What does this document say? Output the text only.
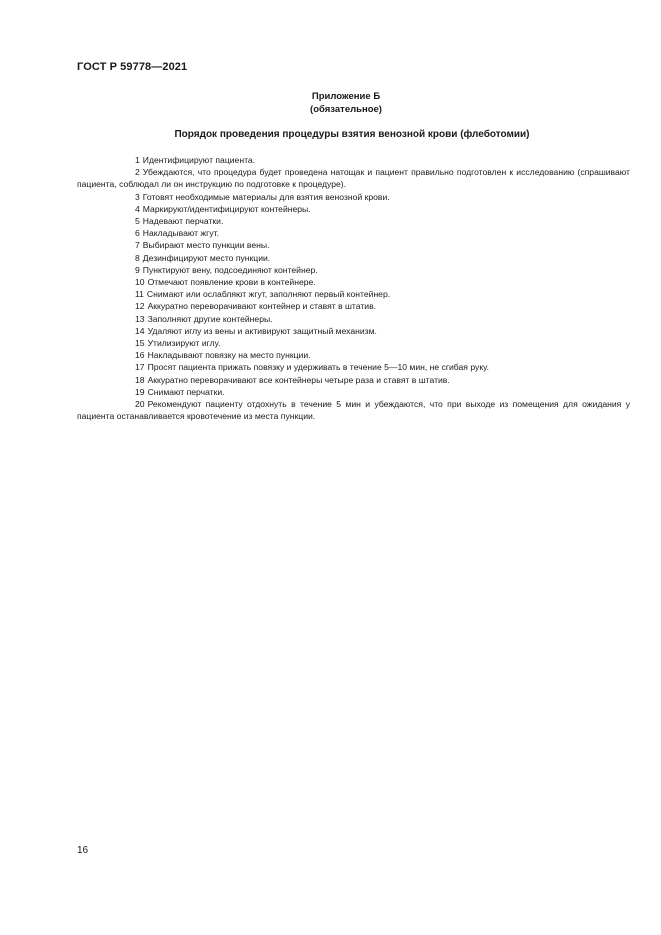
ГОСТ Р 59778—2021
Приложение Б
(обязательное)
Порядок проведения процедуры взятия венозной крови (флеботомии)

1 Идентифицируют пациента.

2 Убеждаются, что процедура будет проведена натощак и пациент правильно подготовлен к исследованию (спрашивают пациента, соблюдал ли он инструкцию по подготовке к процедуре).

3 Готовят необходимые материалы для взятия венозной крови.

4 Маркируют/идентифицируют контейнеры.

5 Надевают перчатки.

6 Накладывают жгут.

7 Выбирают место пункции вены.

8 Дезинфицируют место пункции.

9 Пунктируют вену, подсоединяют контейнер.

10 Отмечают появление крови в контейнере.

11 Снимают или ослабляют жгут, заполняют первый контейнер.

12 Аккуратно переворачивают контейнер и ставят в штатив.

13 Заполняют другие контейнеры.

14 Удаляют иглу из вены и активируют защитный механизм.

15 Утилизируют иглу.

16 Накладывают повязку на место пункции.

17 Просят пациента прижать повязку и удерживать в течение 5—10 мин, не сгибая руку.

18 Аккуратно переворачивают все контейнеры четыре раза и ставят в штатив.

19 Снимают перчатки.

20 Рекомендуют пациенту отдохнуть в течение 5 мин и убеждаются, что при выходе из помещения для ожидания у пациента останавливается кровотечение из места пункции.

16
